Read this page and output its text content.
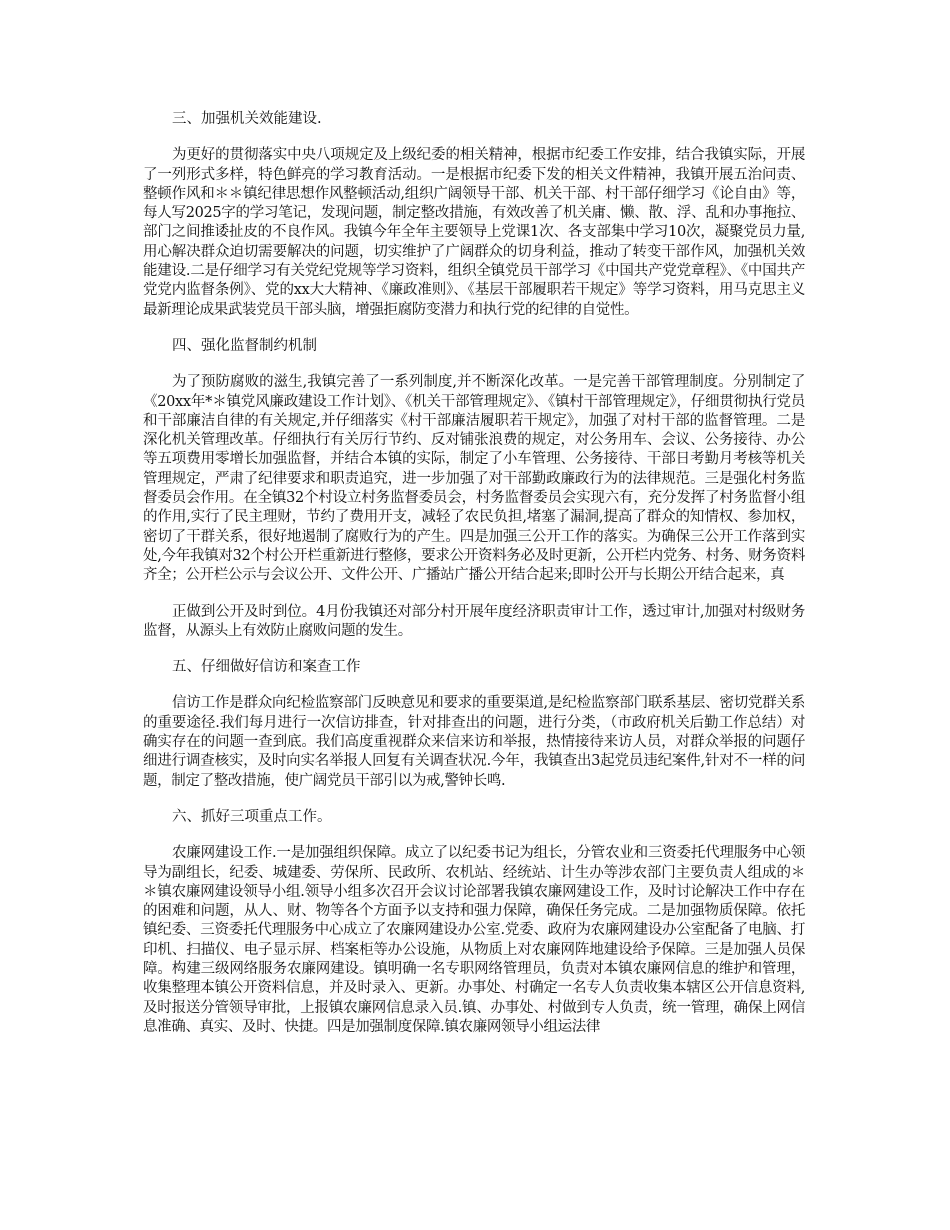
三、加强机关效能建设.

为更好的贯彻落实中央八项规定及上级纪委的相关精神，根据市纪委工作安排，结合我镇实际，开展了一列形式多样，特色鲜亮的学习教育活动。一是根据市纪委下发的相关文件精神，我镇开展五治问责、整顿作风和＊＊镇纪律思想作风整顿活动,组织广阔领导干部、机关干部、村干部仔细学习《论自由》等，每人写2025字的学习笔记，发现问题，制定整改措施，有效改善了机关庸、懒、散、浮、乱和办事拖拉、部门之间推诿扯皮的不良作风。我镇今年全年主要领导上党课1次、各支部集中学习10次，凝聚党员力量,用心解决群众迫切需要解决的问题，切实维护了广阔群众的切身利益，推动了转变干部作风，加强机关效能建设.二是仔细学习有关党纪党规等学习资料，组织全镇党员干部学习《中国共产党党章程》、《中国共产党党内监督条例》、党的xx大大精神、《廉政准则》、《基层干部履职若干规定》等学习资料，用马克思主义最新理论成果武装党员干部头脑，增强拒腐防变潜力和执行党的纪律的自觉性。

四、强化监督制约机制

为了预防腐败的滋生,我镇完善了一系列制度,并不断深化改革。一是完善干部管理制度。分别制定了《20xx年*＊镇党风廉政建设工作计划》、《机关干部管理规定》、《镇村干部管理规定》，仔细贯彻执行党员和干部廉洁自律的有关规定,并仔细落实《村干部廉洁履职若干规定》，加强了对村干部的监督管理。二是深化机关管理改革。仔细执行有关厉行节约、反对铺张浪费的规定，对公务用车、会议、公务接待、办公等五项费用零增长加强监督，并结合本镇的实际，制定了小车管理、公务接待、干部日考勤月考核等机关管理规定，严肃了纪律要求和职责追究，进一步加强了对干部勤政廉政行为的法律规范。三是强化村务监督委员会作用。在全镇32个村设立村务监督委员会，村务监督委员会实现六有，充分发挥了村务监督小组的作用,实行了民主理财，节约了费用开支，减轻了农民负担,堵塞了漏洞,提高了群众的知情权、参加权，密切了干群关系，很好地遏制了腐败行为的产生。四是加强三公开工作的落实。为确保三公开工作落到实处,今年我镇对32个村公开栏重新进行整修，要求公开资料务必及时更新，公开栏内党务、村务、财务资料齐全；公开栏公示与会议公开、文件公开、广播站广播公开结合起来;即时公开与长期公开结合起来，真

正做到公开及时到位。4月份我镇还对部分村开展年度经济职责审计工作，透过审计,加强对村级财务监督，从源头上有效防止腐败问题的发生。

五、仔细做好信访和案查工作

信访工作是群众向纪检监察部门反映意见和要求的重要渠道,是纪检监察部门联系基层、密切党群关系的重要途径.我们每月进行一次信访排查，针对排查出的问题，进行分类，（市政府机关后勤工作总结）对确实存在的问题一查到底。我们高度重视群众来信来访和举报，热情接待来访人员，对群众举报的问题仔细进行调查核实，及时向实名举报人回复有关调查状况.今年，我镇查出3起党员违纪案件,针对不一样的问题，制定了整改措施，使广阔党员干部引以为戒,警钟长鸣.

六、抓好三项重点工作。

农廉网建设工作.一是加强组织保障。成立了以纪委书记为组长，分管农业和三资委托代理服务中心领导为副组长，纪委、城建委、劳保所、民政所、农机站、经统站、计生办等涉农部门主要负责人组成的＊＊镇农廉网建设领导小组.领导小组多次召开会议讨论部署我镇农廉网建设工作，及时讨论解决工作中存在的困难和问题，从人、财、物等各个方面予以支持和强力保障，确保任务完成。二是加强物质保障。依托镇纪委、三资委托代理服务中心成立了农廉网建设办公室.党委、政府为农廉网建设办公室配备了电脑、打印机、扫描仪、电子显示屏、档案柜等办公设施，从物质上对农廉网阵地建设给予保障。三是加强人员保障。构建三级网络服务农廉网建设。镇明确一名专职网络管理员，负责对本镇农廉网信息的维护和管理，收集整理本镇公开资料信息，并及时录入、更新。办事处、村确定一名专人负责收集本辖区公开信息资料,及时报送分管领导审批，上报镇农廉网信息录入员.镇、办事处、村做到专人负责，统一管理，确保上网信息准确、真实、及时、快捷。四是加强制度保障.镇农廉网领导小组运法律
